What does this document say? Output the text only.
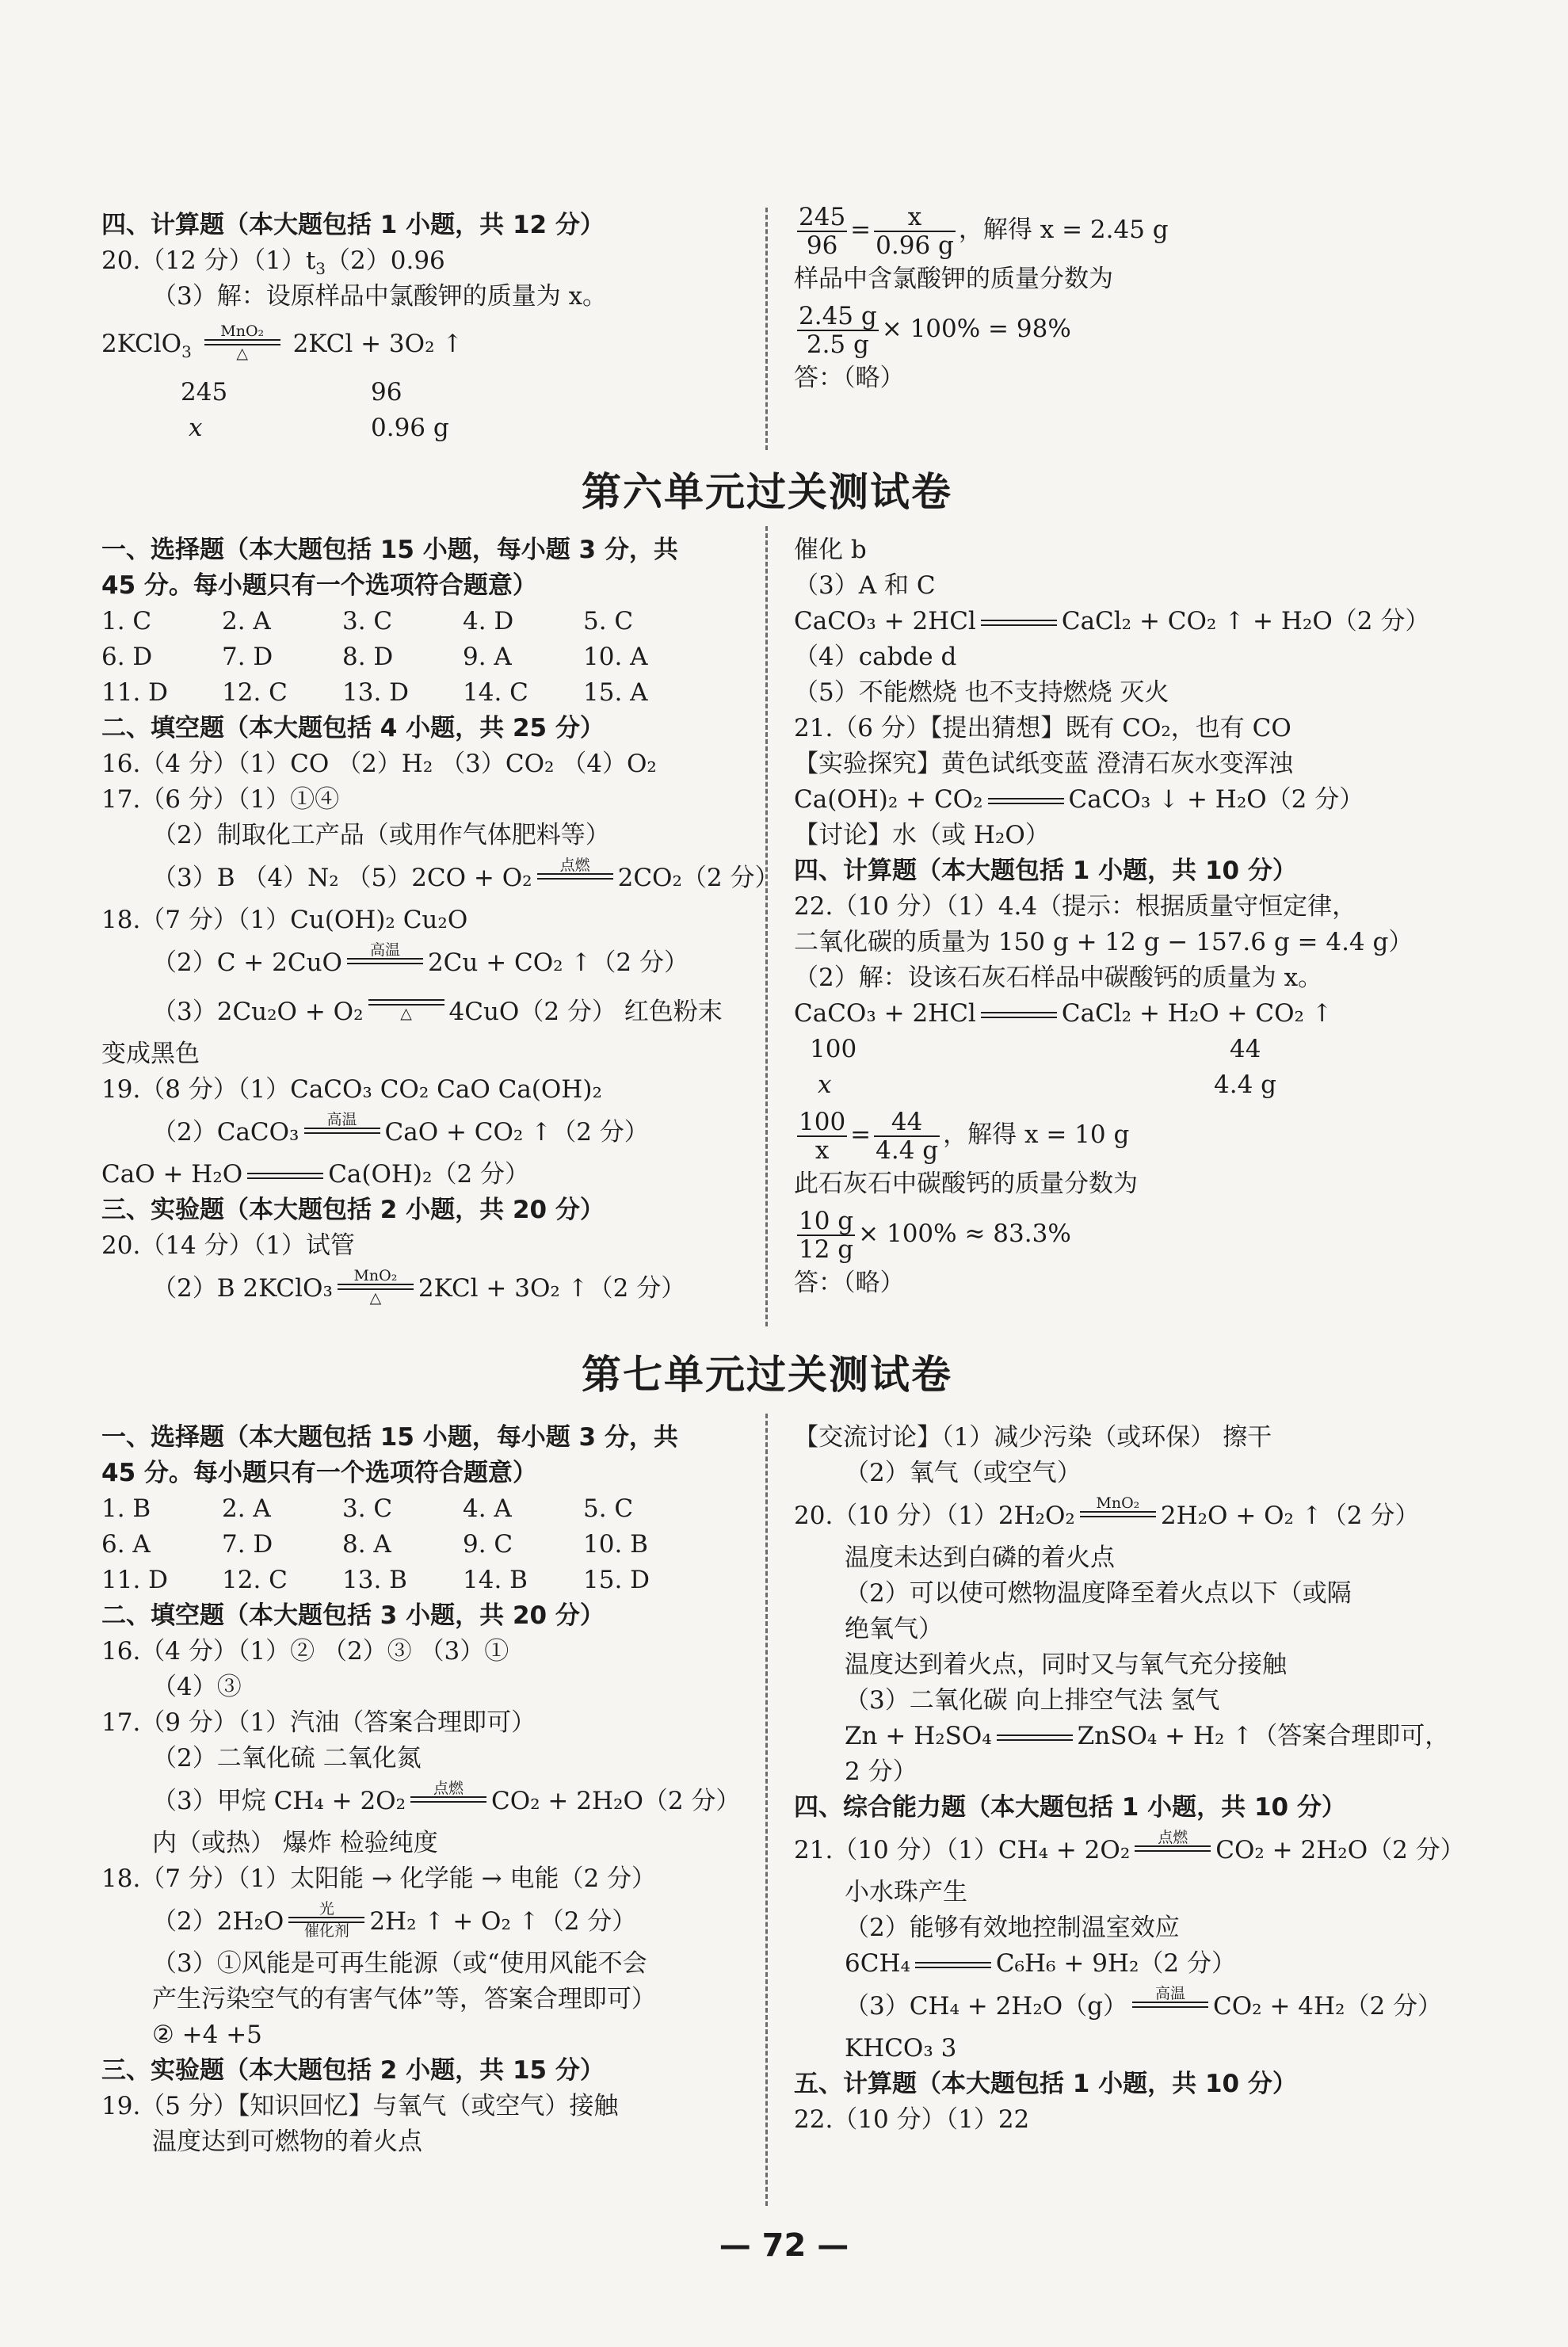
四、计算题（本大题包括 1 小题，共 12 分）
20.（12 分）$(1)t_3(2)0.96$
（3）解：设原样品中氯酸钾的质量为 x。
2KClO$_3$
MnO₂
△	2KCl + 3O₂ ↑
245	96
x	0.96 g
$\frac{245}{96} = \frac{x}{0.96 g}$ ，解得 x = 2.45 g
样品中含氯酸钾的质量分数为
$\frac{2.45 g}{2.5 g} \times 100\% = 98\%$
答：（略）
第六单元过关测试卷
一、选择题（本大题包括 15 小题，每小题 3 分，共
45 分。每小题只有一个选项符合题意）
1. C	2. A	3. C	4. D	5. C
6. D	7. D	8. D	9. A	10. A
11. D	12. C	13. D	14. C	15. A
二、填空题（本大题包括 4 小题，共 25 分）
16.（4 分）（1）CO （2）H₂ （3）CO₂ （4）O₂
17.（6 分）（1）①④
（2）制取化工产品（或用作气体肥料等）
（3）B （4）N₂ （5）2CO + O₂	点燃	2CO₂（2 分）
18.（7 分）（1）Cu(OH)₂ Cu₂O
（2）C + 2CuO	高温	2Cu + CO₂ ↑（2 分）
（3）2Cu₂O + O₂	△	4CuO（2 分） 红色粉末
变成黑色
19.（8 分）（1）CaCO₃ CO₂ CaO Ca(OH)₂
（2）CaCO₃	高温	CaO + CO₂ ↑（2 分）
CaO + H₂O	Ca(OH)₂（2 分）
三、实验题（本大题包括 2 小题，共 20 分）
20.（14 分）（1）试管
（2）B 2KClO₃	MnO₂
△	2KCl + 3O₂ ↑（2 分）
催化 b
（3）A 和 C
CaCO₃ + 2HCl	CaCl₂ + CO₂ ↑ + H₂O（2 分）
（4）cabde d
（5）不能燃烧 也不支持燃烧 灭火
21.（6 分）【提出猜想】既有 CO₂，也有 CO
【实验探究】黄色试纸变蓝 澄清石灰水变浑浊
Ca(OH)₂ + CO₂	CaCO₃ ↓ + H₂O（2 分）
【讨论】水（或 H₂O）
四、计算题（本大题包括 1 小题，共 10 分）
22.（10 分）（1）4.4（提示：根据质量守恒定律，
二氧化碳的质量为 150 g + 12 g − 157.6 g = 4.4 g）
（2）解：设该石灰石样品中碳酸钙的质量为 x。
CaCO₃ + 2HCl	CaCl₂ + H₂O + CO₂ ↑
100	44
x	4.4 g
$\frac{100}{x} = \frac{44}{4.4 g}$ ，解得 x = 10 g
此石灰石中碳酸钙的质量分数为
$\frac{10 g}{12 g} \times 100\% \approx 83.3\%$
答：（略）
第七单元过关测试卷
一、选择题（本大题包括 15 小题，每小题 3 分，共
45 分。每小题只有一个选项符合题意）
1. B	2. A	3. C	4. A	5. C
6. A	7. D	8. A	9. C	10. B
11. D	12. C	13. B	14. B	15. D
二、填空题（本大题包括 3 小题，共 20 分）
16.（4 分）（1）② （2）③ （3）①
（4）③
17.（9 分）（1）汽油（答案合理即可）
（2）二氧化硫 二氧化氮
（3）甲烷 CH₄ + 2O₂	点燃	CO₂ + 2H₂O（2 分）
内（或热） 爆炸 检验纯度
18.（7 分）（1）太阳能 → 化学能 → 电能（2 分）
（2）2H₂O	光
催化剂 2H₂ ↑ + O₂ ↑（2 分）
（3）①风能是可再生能源（或“使用风能不会
产生污染空气的有害气体”等，答案合理即可）
② +4 +5
三、实验题（本大题包括 2 小题，共 15 分）
19.（5 分）【知识回忆】与氧气（或空气）接触
温度达到可燃物的着火点
【交流讨论】（1）减少污染（或环保） 擦干
（2）氧气（或空气）
20.（10 分）（1）2H₂O₂	MnO₂ 2H₂O + O₂ ↑（2 分）
温度未达到白磷的着火点
（2）可以使可燃物温度降至着火点以下（或隔
绝氧气）
温度达到着火点，同时又与氧气充分接触
（3）二氧化碳 向上排空气法 氢气
Zn + H₂SO₄	ZnSO₄ + H₂ ↑（答案合理即可，
2 分）
四、综合能力题（本大题包括 1 小题，共 10 分）
21.（10 分）（1）CH₄ + 2O₂	点燃	CO₂ + 2H₂O（2 分）
小水珠产生
（2）能够有效地控制温室效应
6CH₄	C₆H₆ + 9H₂（2 分）
（3）CH₄ + 2H₂O（g）	高温	CO₂ + 4H₂（2 分）
KHCO₃ 3
五、计算题（本大题包括 1 小题，共 10 分）
22.（10 分）（1）22
— 72 —
